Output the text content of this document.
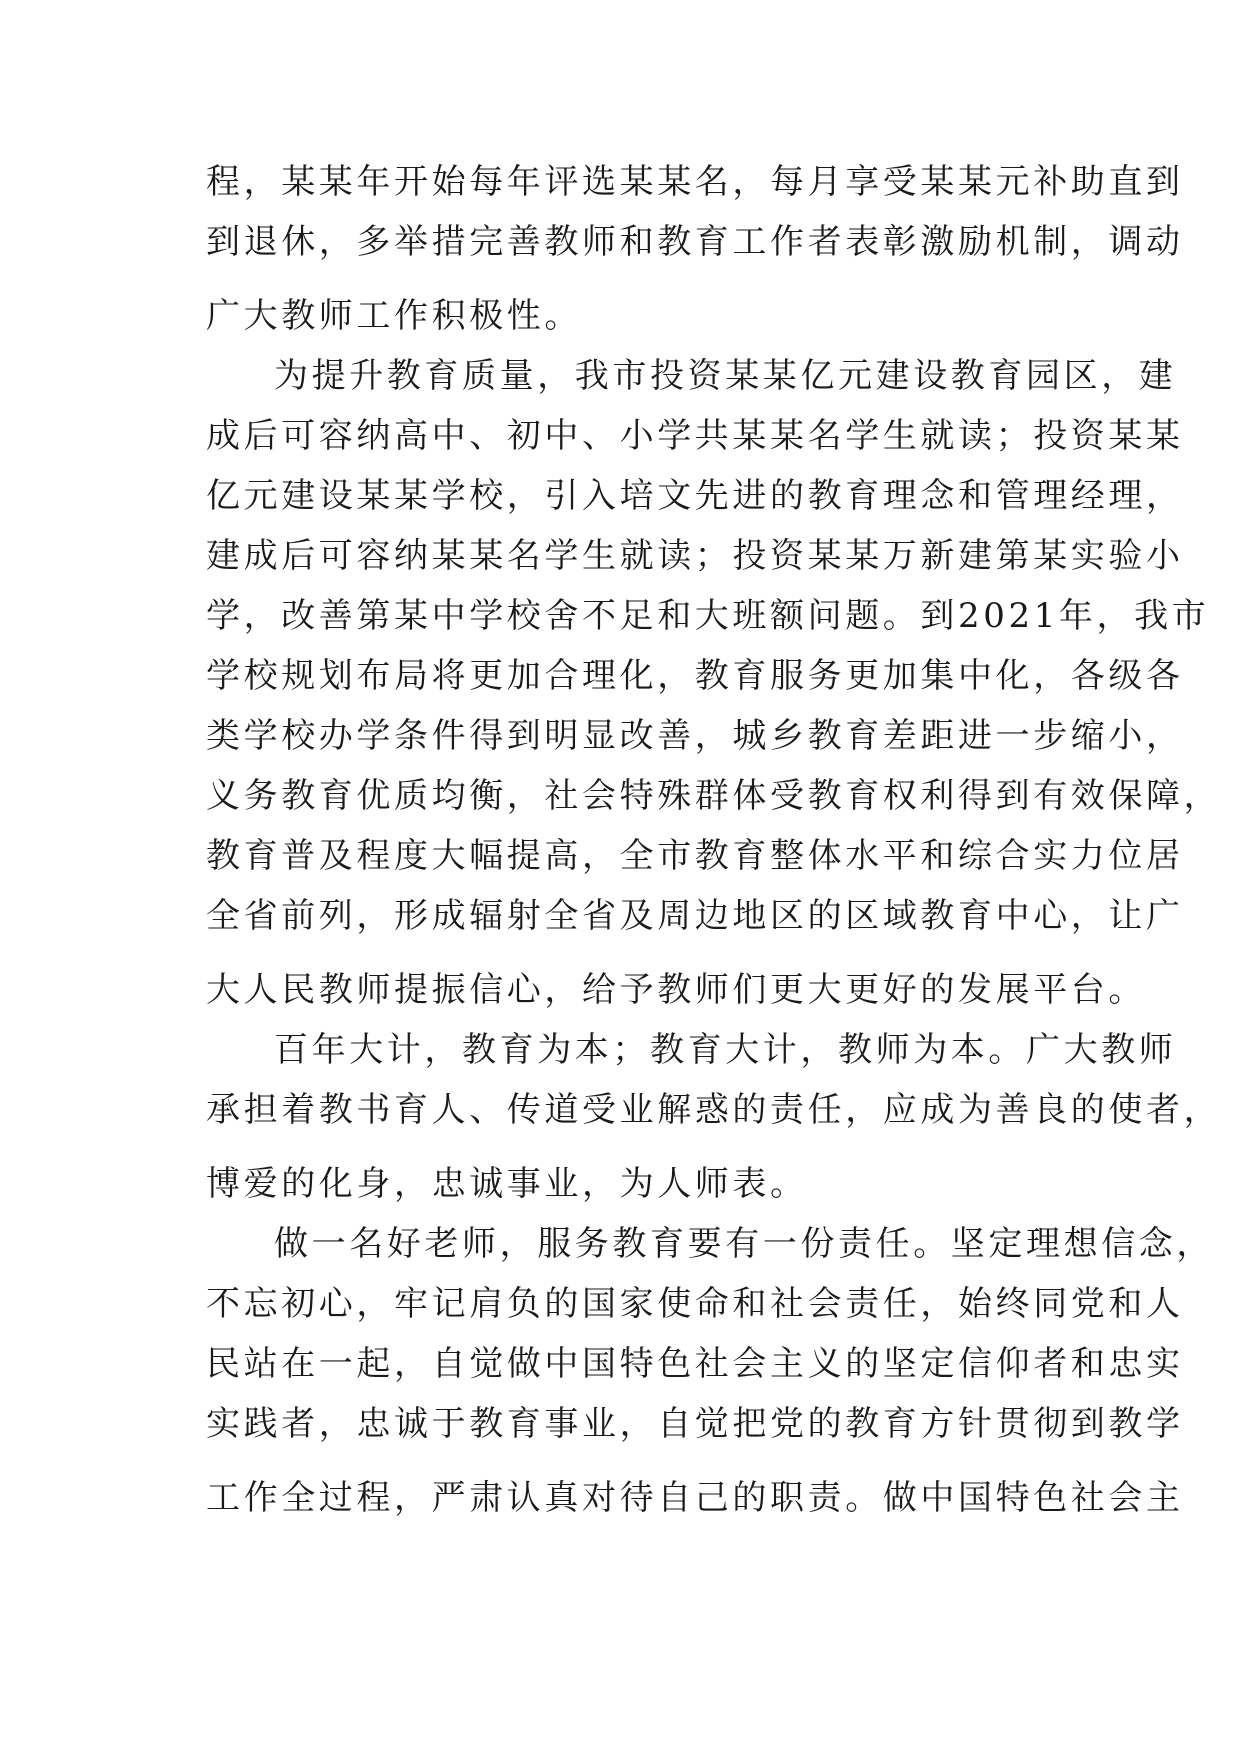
程，某某年开始每年评选某某名，每月享受某某元补助直到
到退休，多举措完善教师和教育工作者表彰激励机制，调动
广大教师工作积极性。
为提升教育质量，我市投资某某亿元建设教育园区，建
成后可容纳高中、初中、小学共某某名学生就读；投资某某
亿元建设某某学校，引入培文先进的教育理念和管理经理，
建成后可容纳某某名学生就读；投资某某万新建第某实验小
学，改善第某中学校舍不足和大班额问题。到2021年，我市
学校规划布局将更加合理化，教育服务更加集中化，各级各
类学校办学条件得到明显改善，城乡教育差距进一步缩小，
义务教育优质均衡，社会特殊群体受教育权利得到有效保障，
教育普及程度大幅提高，全市教育整体水平和综合实力位居
全省前列，形成辐射全省及周边地区的区域教育中心，让广
大人民教师提振信心，给予教师们更大更好的发展平台。
百年大计，教育为本；教育大计，教师为本。广大教师
承担着教书育人、传道受业解惑的责任，应成为善良的使者，
博爱的化身，忠诚事业，为人师表。
做一名好老师，服务教育要有一份责任。坚定理想信念，
不忘初心，牢记肩负的国家使命和社会责任，始终同党和人
民站在一起，自觉做中国特色社会主义的坚定信仰者和忠实
实践者，忠诚于教育事业，自觉把党的教育方针贯彻到教学
工作全过程，严肃认真对待自己的职责。做中国特色社会主
